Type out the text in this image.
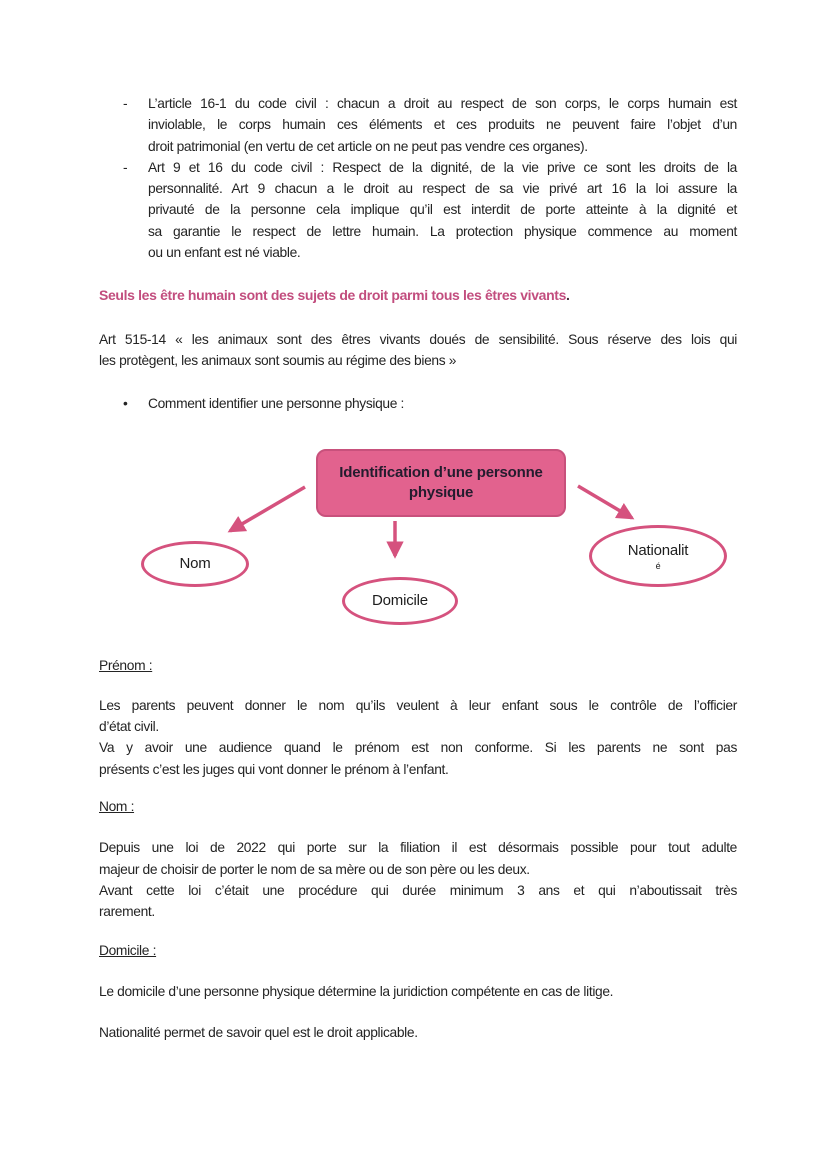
-	L’article 16-1 du code civil : chacun a droit au respect de son corps, le corps humain est
inviolable, le corps humain ces éléments et ces produits ne peuvent faire l’objet d’un
droit patrimonial (en vertu de cet article on ne peut pas vendre ces organes).
-	Art 9 et 16 du code civil : Respect de la dignité, de la vie prive ce sont les droits de la
personnalité. Art 9 chacun a le droit au respect de sa vie privé art 16 la loi assure la
privauté de la personne cela implique qu’il est interdit de porte atteinte à la dignité et
sa garantie le respect de lettre humain. La protection physique commence au moment
ou un enfant est né viable.
Seuls les être humain sont des sujets de droit parmi tous les êtres vivants.
Art 515-14 « les animaux sont des êtres vivants doués de sensibilité. Sous réserve des lois qui
les protègent, les animaux sont soumis au régime des biens »
•	Comment identifier une personne physique :
Identification d’une personne
physique
Nom
Domicile
Nationalit
é
Prénom :
Les parents peuvent donner le nom qu’ils veulent à leur enfant sous le contrôle de l’officier
d’état civil.
Va y avoir une audience quand le prénom est non conforme. Si les parents ne sont pas
présents c’est les juges qui vont donner le prénom à l’enfant.
Nom :
Depuis une loi de 2022 qui porte sur la filiation il est désormais possible pour tout adulte
majeur de choisir de porter le nom de sa mère ou de son père ou les deux.
Avant cette loi c’était une procédure qui durée minimum 3 ans et qui n’aboutissait très
rarement.
Domicile :
Le domicile d’une personne physique détermine la juridiction compétente en cas de litige.
Nationalité permet de savoir quel est le droit applicable.
